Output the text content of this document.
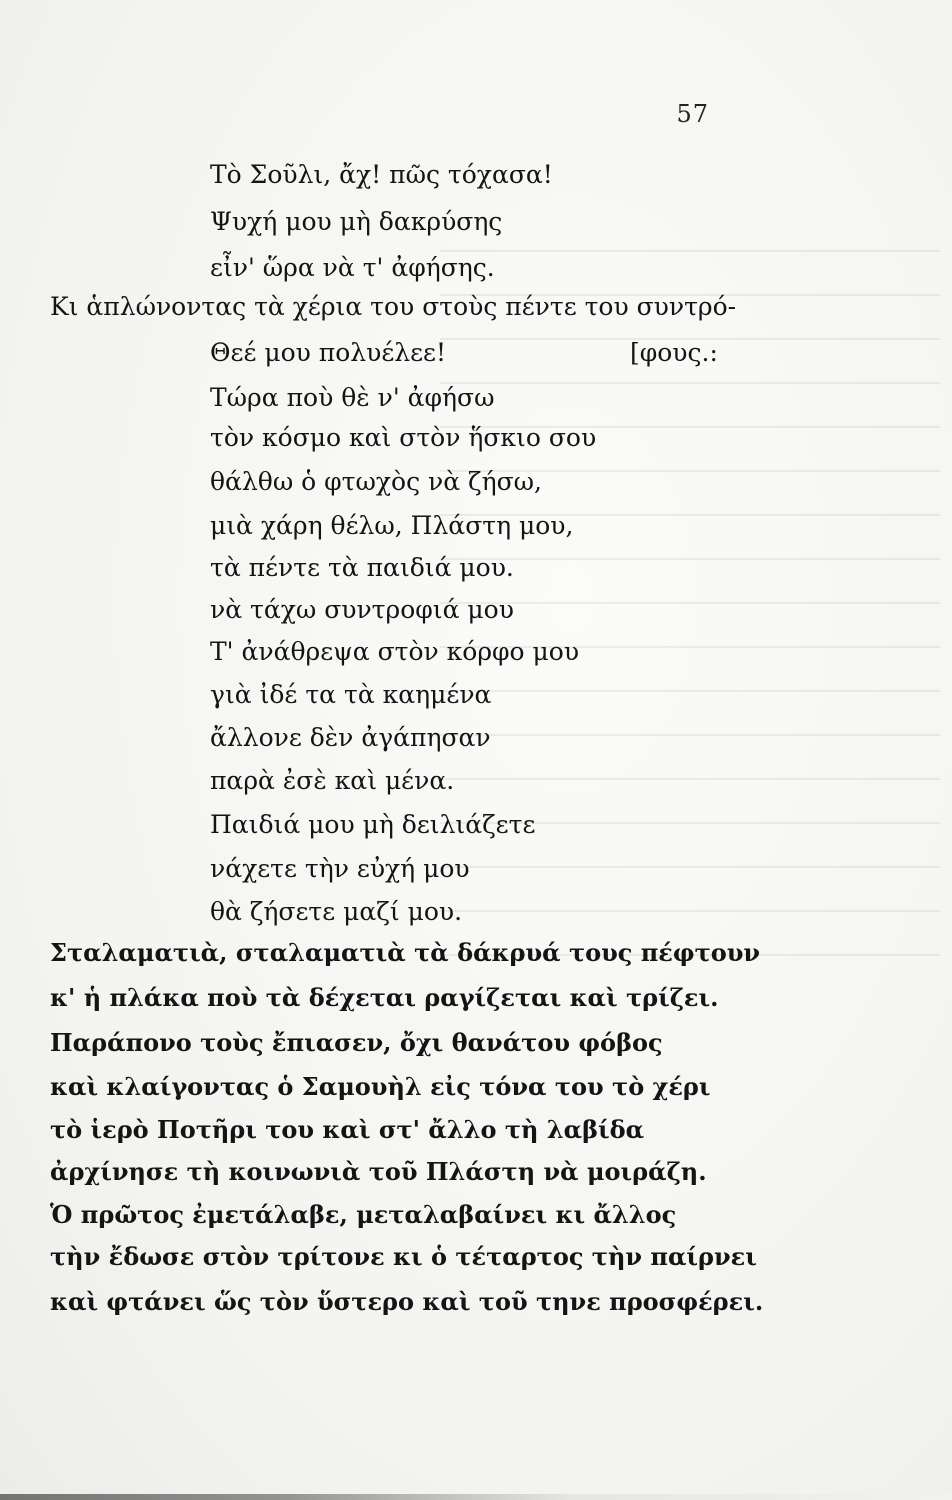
57
Τὸ Σοῦλι, ἄχ! πῶς τόχασα!
Ψυχή μου μὴ δακρύσης
εἶν' ὥρα νὰ τ' ἀφήσης.
Κι ἁπλώνοντας τὰ χέρια του στοὺς πέντε του συντρό-
Θεέ μου πολυέλεε!	[φους.:
Τώρα ποὺ θὲ ν' ἀφήσω
τὸν κόσμο καὶ στὸν ἥσκιο σου
θάλθω ὁ φτωχὸς νὰ ζήσω,
μιὰ χάρη θέλω, Πλάστη μου,
τὰ πέντε τὰ παιδιά μου.
νὰ τάχω συντροφιά μου
Τ' ἀνάθρεψα στὸν κόρφο μου
γιὰ ἰδέ τα τὰ καημένα
ἄλλονε δὲν ἀγάπησαν
παρὰ ἐσὲ καὶ μένα.
Παιδιά μου μὴ δειλιάζετε
νάχετε τὴν εὐχή μου
θὰ ζήσετε μαζί μου.
Σταλαματιὰ, σταλαματιὰ τὰ δάκρυά τους πέφτουν
κ' ἡ πλάκα ποὺ τὰ δέχεται ραγίζεται καὶ τρίζει.
Παράπονο τοὺς ἔπιασεν, ὄχι θανάτου φόβος
καὶ κλαίγοντας ὁ Σαμουὴλ εἰς τόνα του τὸ χέρι
τὸ ἱερὸ Ποτῆρι του καὶ στ' ἄλλο τὴ λαβίδα
ἀρχίνησε τὴ κοινωνιὰ τοῦ Πλάστη νὰ μοιράζη.
Ὁ πρῶτος ἐμετάλαβε, μεταλαβαίνει κι ἄλλος
τὴν ἔδωσε στὸν τρίτονε κι ὁ τέταρτος τὴν παίρνει
καὶ φτάνει ὥς τὸν ὕστερο καὶ τοῦ τηνε προσφέρει.
